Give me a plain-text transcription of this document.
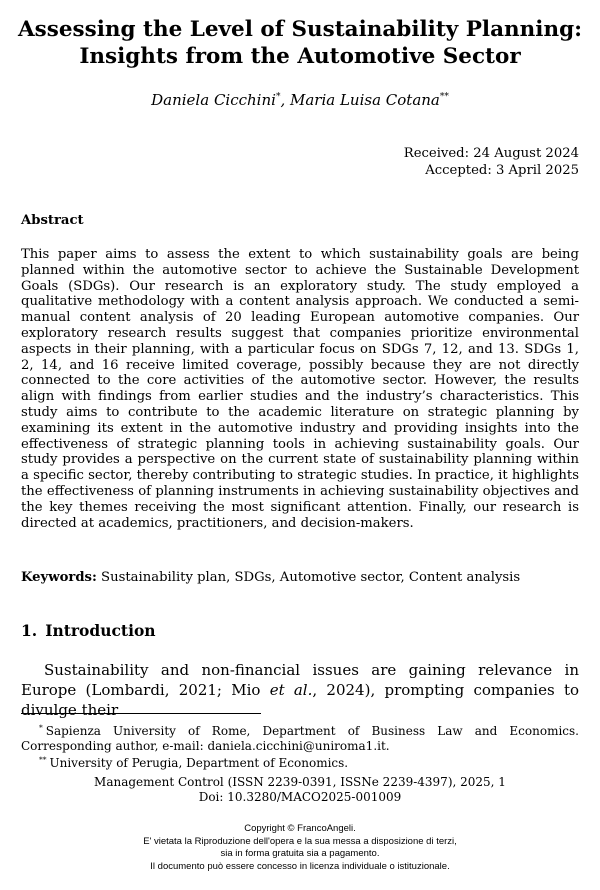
Assessing the Level of Sustainability Planning:
Insights from the Automotive Sector
Daniela Cicchini*, Maria Luisa Cotana**
Received: 24 August 2024
Accepted: 3 April 2025
Abstract
This paper aims to assess the extent to which sustainability goals are being planned within the automotive sector to achieve the Sustainable Development Goals (SDGs). Our research is an exploratory study. The study employed a qualitative methodology with a content analysis approach. We conducted a semi-manual content analysis of 20 leading European automotive companies. Our exploratory research results suggest that companies prioritize environmental aspects in their planning, with a particular focus on SDGs 7, 12, and 13. SDGs 1, 2, 14, and 16 receive limited coverage, possibly because they are not directly connected to the core activities of the automotive sector. However, the results align with findings from earlier studies and the industry’s characteristics. This study aims to contribute to the academic literature on strategic planning by examining its extent in the automotive industry and providing insights into the effectiveness of strategic planning tools in achieving sustainability goals. Our study provides a perspective on the current state of sustainability planning within a specific sector, thereby contributing to strategic studies. In practice, it highlights the effectiveness of planning instruments in achieving sustainability objectives and the key themes receiving the most significant attention. Finally, our research is directed at academics, practitioners, and decision-makers.
Keywords: Sustainability plan, SDGs, Automotive sector, Content analysis
1. Introduction
Sustainability and non-financial issues are gaining relevance in Europe (Lombardi, 2021; Mio et al., 2024), prompting companies to divulge their
* Sapienza University of Rome, Department of Business Law and Economics. Corresponding author, e-mail: daniela.cicchini@uniroma1.it.
** University of Perugia, Department of Economics.
Management Control (ISSN 2239-0391, ISSNe 2239-4397), 2025, 1
Doi: 10.3280/MACO2025-001009
Copyright © FrancoAngeli.
E' vietata la Riproduzione dell'opera e la sua messa a disposizione di terzi,
sia in forma gratuita sia a pagamento.
Il documento può essere concesso in licenza individuale o istituzionale.
